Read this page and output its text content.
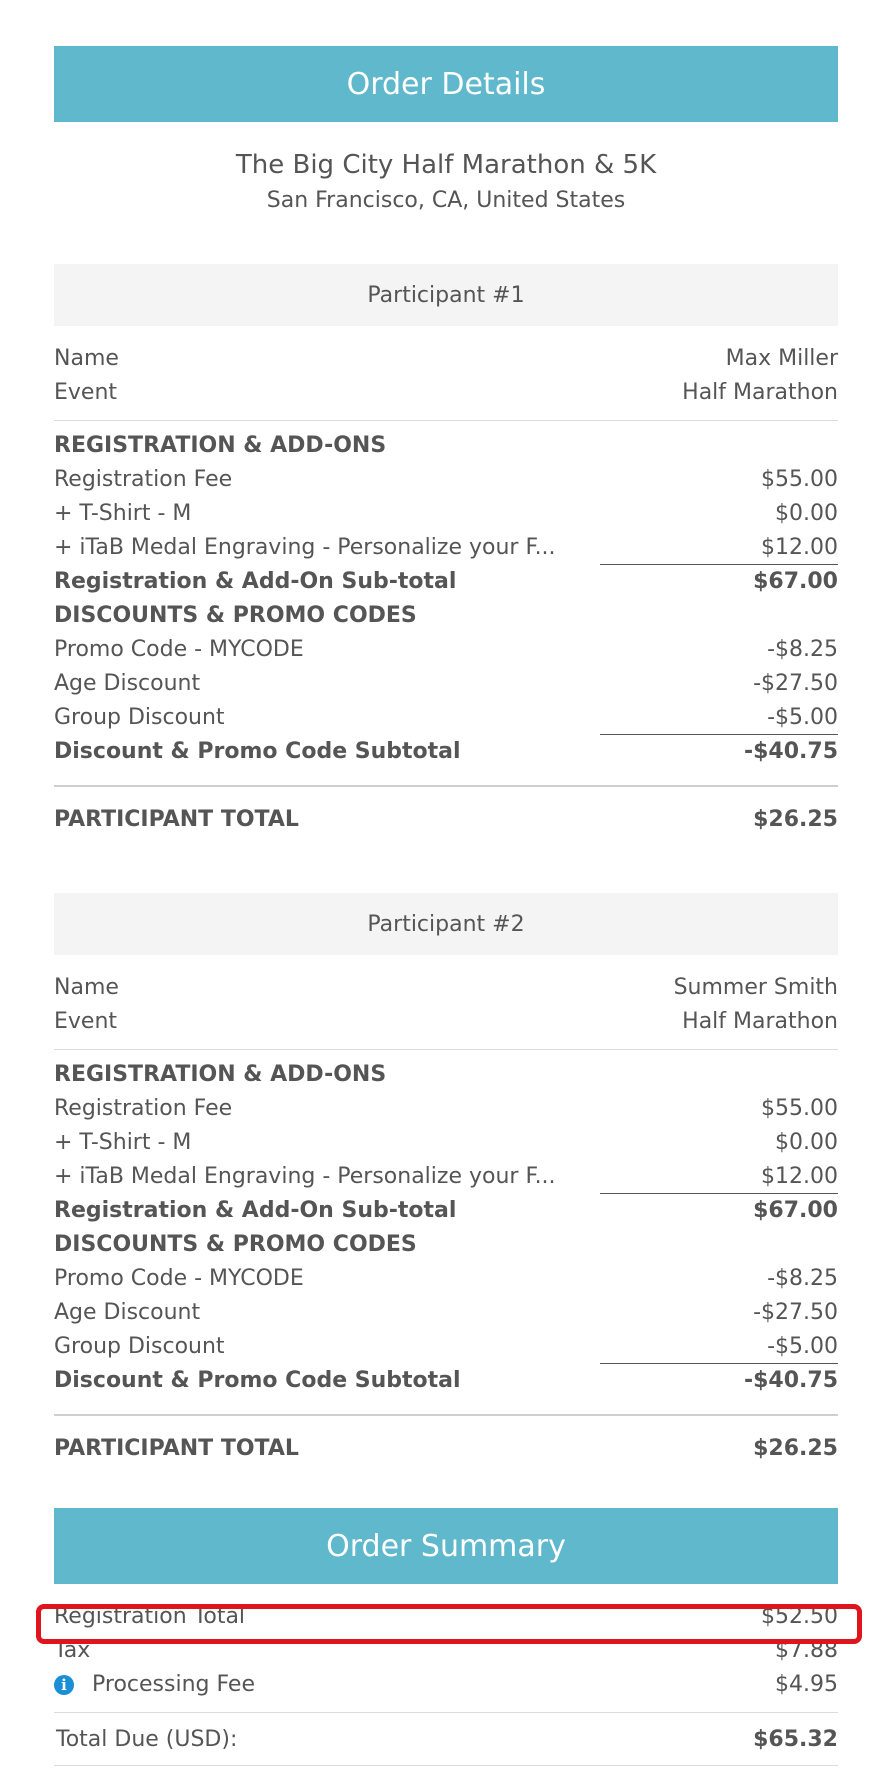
Order Details
The Big City Half Marathon & 5K
San Francisco, CA, United States
Participant #1
Name	Max Miller
Event	Half Marathon
REGISTRATION & ADD-ONS
Registration Fee	$55.00
+ T-Shirt - M	$0.00
+ iTaB Medal Engraving - Personalize your F...	$12.00
Registration & Add-On Sub-total	$67.00
DISCOUNTS & PROMO CODES
Promo Code - MYCODE	-$8.25
Age Discount	-$27.50
Group Discount	-$5.00
Discount & Promo Code Subtotal	-$40.75
PARTICIPANT TOTAL	$26.25
Participant #2
Name	Summer Smith
Event	Half Marathon
REGISTRATION & ADD-ONS
Registration Fee	$55.00
+ T-Shirt - M	$0.00
+ iTaB Medal Engraving - Personalize your F...	$12.00
Registration & Add-On Sub-total	$67.00
DISCOUNTS & PROMO CODES
Promo Code - MYCODE	-$8.25
Age Discount	-$27.50
Group Discount	-$5.00
Discount & Promo Code Subtotal	-$40.75
PARTICIPANT TOTAL	$26.25
Order Summary
Registration Total	$52.50
Tax	$7.88
i	Processing Fee	$4.95
Total Due (USD):	$65.32
